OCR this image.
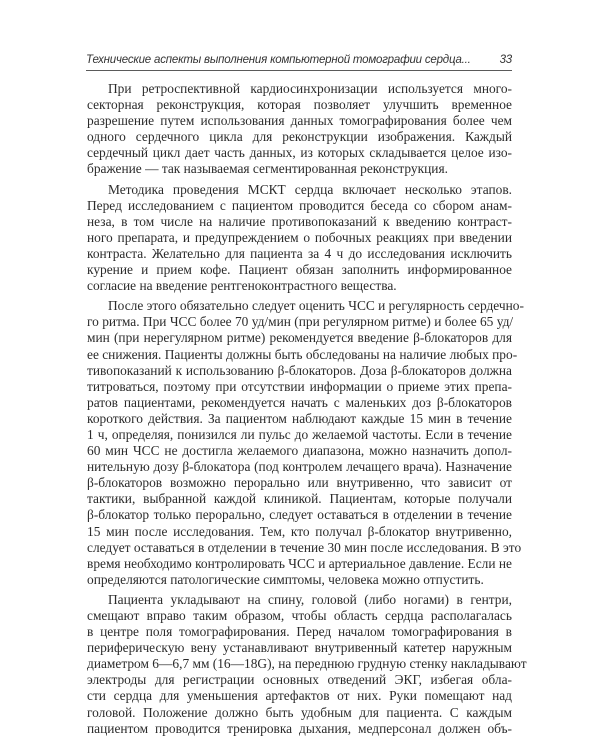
Технические аспекты выполнения компьютерной томографии сердца...	33
При ретроспективной кардиосинхронизации используется много-
секторная реконструкция, которая позволяет улучшить временное
разрешение путем использования данных томографирования более чем
одного сердечного цикла для реконструкции изображения. Каждый
сердечный цикл дает часть данных, из которых складывается целое изо-
бражение — так называемая сегментированная реконструкция.
Методика проведения МСКТ сердца включает несколько этапов.
Перед исследованием с пациентом проводится беседа со сбором анам-
неза, в том числе на наличие противопоказаний к введению контраст-
ного препарата, и предупреждением о побочных реакциях при введении
контраста. Желательно для пациента за 4 ч до исследования исключить
курение и прием кофе. Пациент обязан заполнить информированное
согласие на введение рентгеноконтрастного вещества.
После этого обязательно следует оценить ЧСС и регулярность сердечно-
го ритма. При ЧСС более 70 уд/мин (при регулярном ритме) и более 65 уд/
мин (при нерегулярном ритме) рекомендуется введение β-блокаторов для
ее снижения. Пациенты должны быть обследованы на наличие любых про-
тивопоказаний к использованию β-блокаторов. Доза β-блокаторов должна
титроваться, поэтому при отсутствии информации о приеме этих препа-
ратов пациентами, рекомендуется начать с маленьких доз β-блокаторов
короткого действия. За пациентом наблюдают каждые 15 мин в течение
1 ч, определяя, понизился ли пульс до желаемой частоты. Если в течение
60 мин ЧСС не достигла желаемого диапазона, можно назначить допол-
нительную дозу β-блокатора (под контролем лечащего врача). Назначение
β-блокаторов возможно перорально или внутривенно, что зависит от
тактики, выбранной каждой клиникой. Пациентам, которые получали
β-блокатор только перорально, следует оставаться в отделении в течение
15 мин после исследования. Тем, кто получал β-блокатор внутривенно,
следует оставаться в отделении в течение 30 мин после исследования. В это
время необходимо контролировать ЧСС и артериальное давление. Если не
определяются патологические симптомы, человека можно отпустить.
Пациента укладывают на спину, головой (либо ногами) в гентри,
смещают вправо таким образом, чтобы область сердца располагалась
в центре поля томографирования. Перед началом томографирования в
периферическую вену устанавливают внутривенный катетер наружным
диаметром 6—6,7 мм (16—18G), на переднюю грудную стенку накладывают
электроды для регистрации основных отведений ЭКГ, избегая обла-
сти сердца для уменьшения артефактов от них. Руки помещают над
головой. Положение должно быть удобным для пациента. С каждым
пациентом проводится тренировка дыхания, медперсонал должен объ-
